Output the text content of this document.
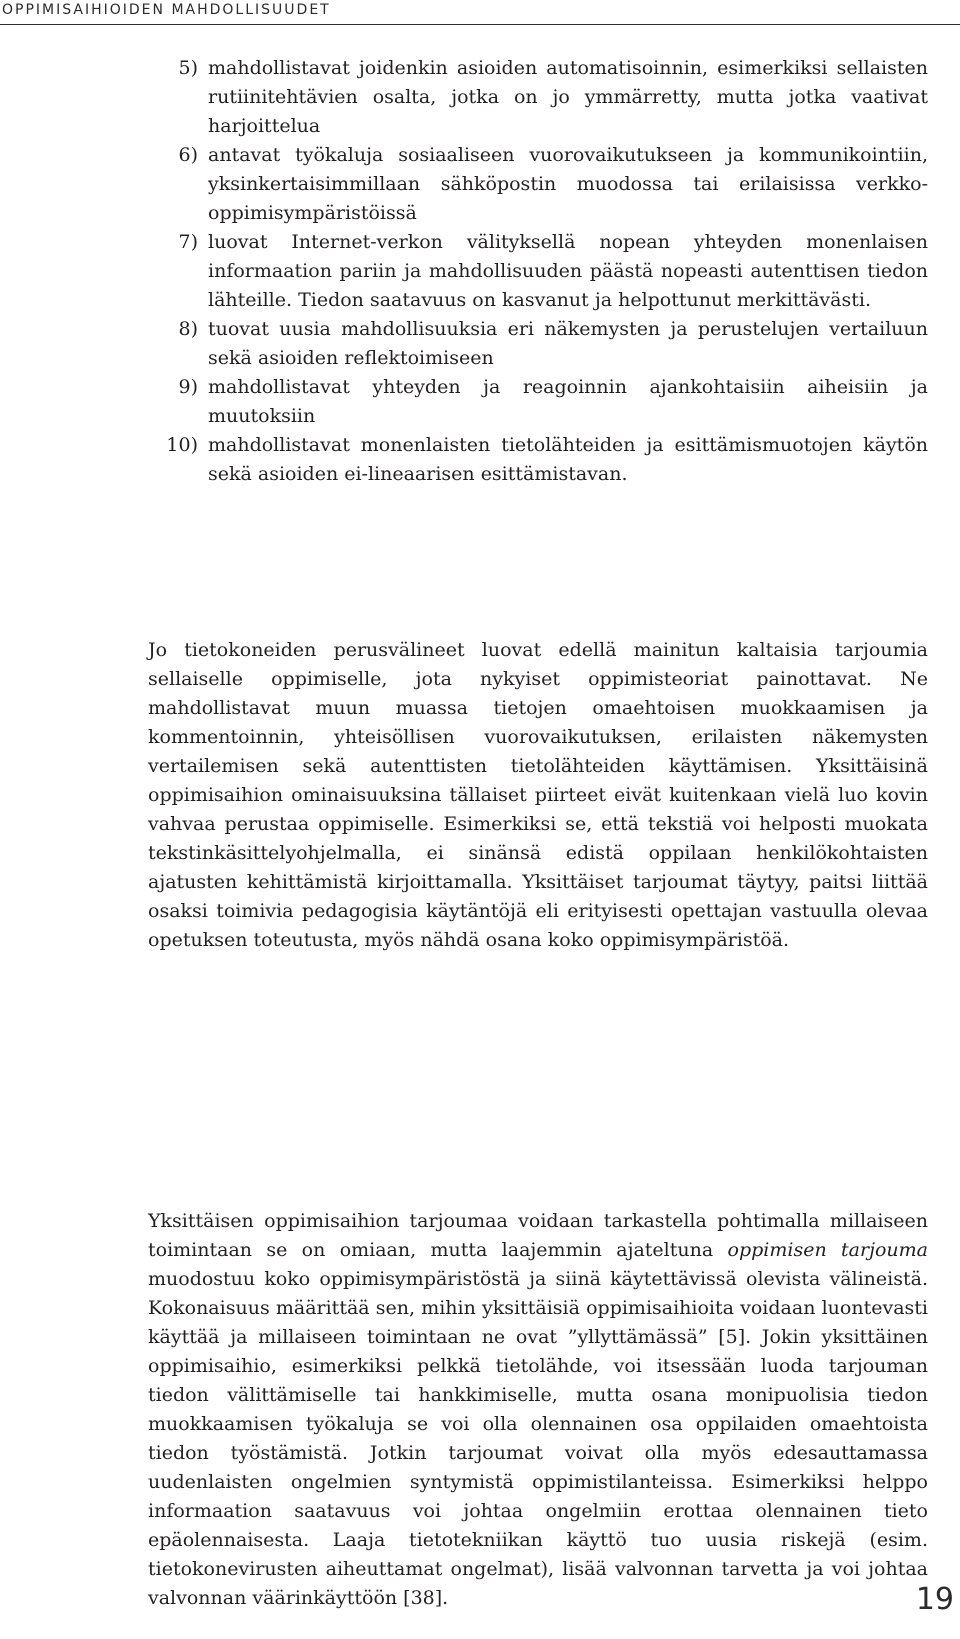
OPPIMISAIHIOIDEN MAHDOLLISUUDET
5) mahdollistavat joidenkin asioiden automatisoinnin, esimerkiksi sellaisten rutiinitehtävien osalta, jotka on jo ymmärretty, mutta jotka vaativat harjoittelua
6) antavat työkaluja sosiaaliseen vuorovaikutukseen ja kommunikointiin, yksinkertaisimmillaan sähköpostin muodossa tai erilaisissa verkko-oppimisympäristöissä
7) luovat Internet-verkon välityksellä nopean yhteyden monenlaisen informaation pariin ja mahdollisuuden päästä nopeasti autenttisen tiedon lähteille. Tiedon saatavuus on kasvanut ja helpottunut merkittävästi.
8) tuovat uusia mahdollisuuksia eri näkemysten ja perustelujen vertailuun sekä asioiden reflektoimiseen
9) mahdollistavat yhteyden ja reagoinnin ajankohtaisiin aiheisiin ja muutoksiin
10) mahdollistavat monenlaisten tietolähteiden ja esittämismuotojen käytön sekä asioiden ei-lineaarisen esittämistavan.

Jo tietokoneiden perusvälineet luovat edellä mainitun kaltaisia tarjoumia sellaiselle oppimiselle, jota nykyiset oppimisteoriat painottavat. Ne mahdollistavat muun muassa tietojen omaehtoisen muokkaamisen ja kommentoinnin, yhteisöllisen vuorovaikutuksen, erilaisten näkemysten vertailemisen sekä autenttisten tietolähteiden käyttämisen. Yksittäisinä oppimisaihion ominaisuuksina tällaiset piirteet eivät kuitenkaan vielä luo kovin vahvaa perustaa oppimiselle. Esimerkiksi se, että tekstiä voi helposti muokata tekstinkäsittelyohjelmalla, ei sinänsä edistä oppilaan henkilökohtaisten ajatusten kehittämistä kirjoittamalla. Yksittäiset tarjoumat täytyy, paitsi liittää osaksi toimivia pedagogisia käytäntöjä eli erityisesti opettajan vastuulla olevaa opetuksen toteutusta, myös nähdä osana koko oppimisympäristöä.

Yksittäisen oppimisaihion tarjoumaa voidaan tarkastella pohtimalla millaiseen toimintaan se on omiaan, mutta laajemmin ajateltuna oppimisen tarjouma muodostuu koko oppimisympäristöstä ja siinä käytettävissä olevista välineistä. Kokonaisuus määrittää sen, mihin yksittäisiä oppimisaihioita voidaan luontevasti käyttää ja millaiseen toimintaan ne ovat ”yllyttämässä” [5]. Jokin yksittäinen oppimisaihio, esimerkiksi pelkkä tietolähde, voi itsessään luoda tarjouman tiedon välittämiselle tai hankkimiselle, mutta osana monipuolisia tiedon muokkaamisen työkaluja se voi olla olennainen osa oppilaiden omaehtoista tiedon työstämistä. Jotkin tarjoumat voivat olla myös edesauttamassa uudenlaisten ongelmien syntymistä oppimistilanteissa. Esimerkiksi helppo informaation saatavuus voi johtaa ongelmiin erottaa olennainen tieto epäolennaisesta. Laaja tietotekniikan käyttö tuo uusia riskejä (esim. tietokonevirusten aiheuttamat ongelmat), lisää valvonnan tarvetta ja voi johtaa valvonnan väärinkäyttöön [38].	19
